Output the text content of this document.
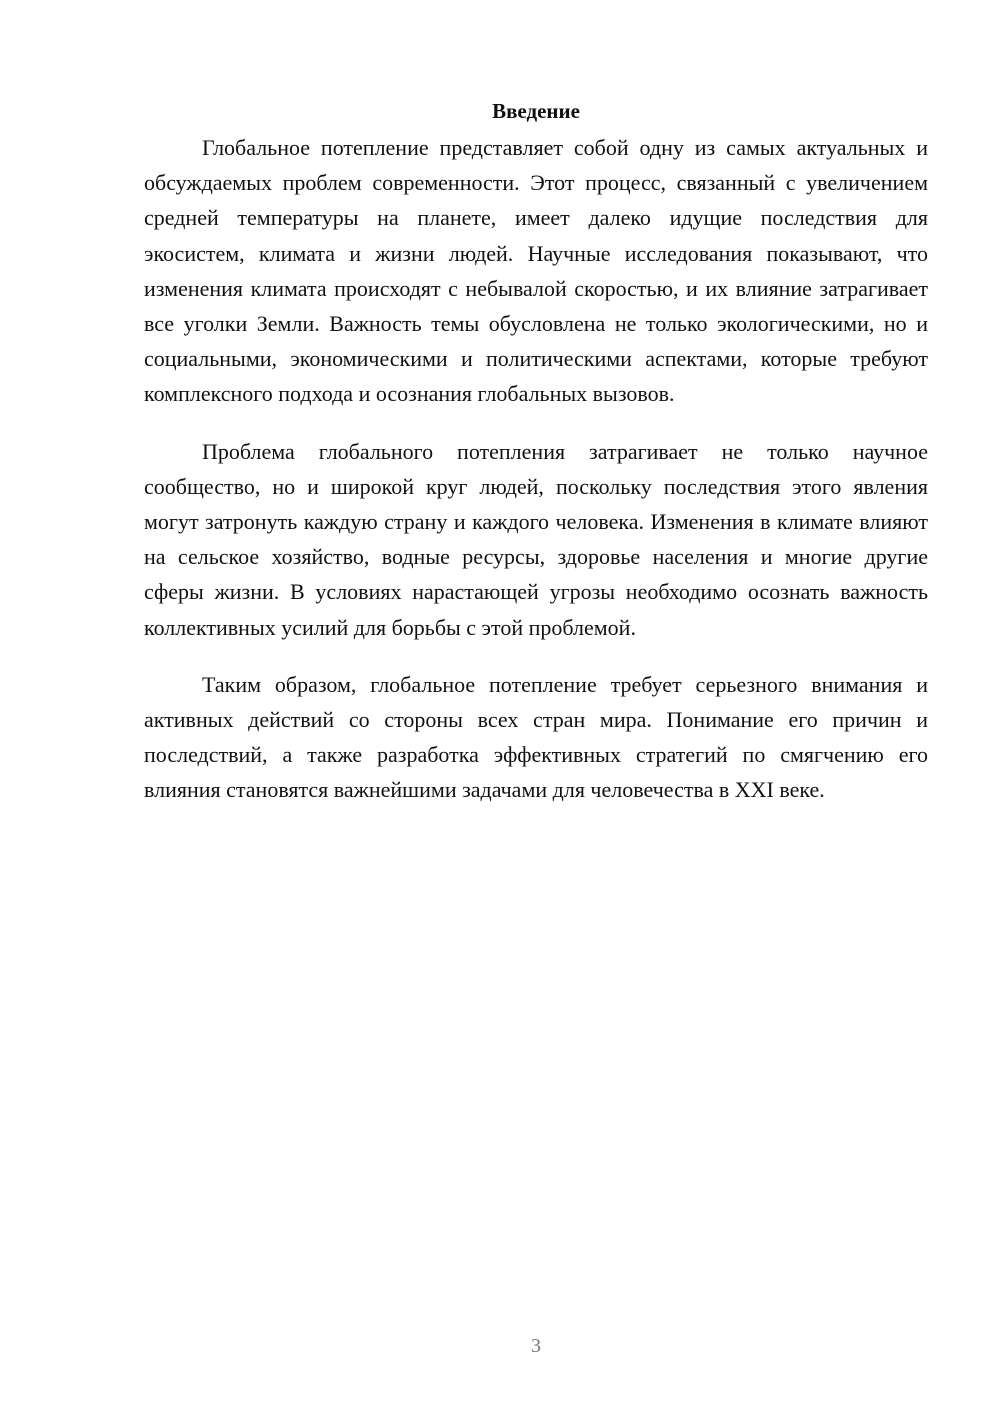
Введение

Глобальное потепление представляет собой одну из самых актуальных и обсуждаемых проблем современности. Этот процесс, связанный с увеличением средней температуры на планете, имеет далеко идущие последствия для экосистем, климата и жизни людей. Научные исследования показывают, что изменения климата происходят с небывалой скоростью, и их влияние затрагивает все уголки Земли. Важность темы обусловлена не только экологическими, но и социальными, экономическими и политическими аспектами, которые требуют комплексного подхода и осознания глобальных вызовов.

Проблема глобального потепления затрагивает не только научное сообщество, но и широкой круг людей, поскольку последствия этого явления могут затронуть каждую страну и каждого человека. Изменения в климате влияют на сельское хозяйство, водные ресурсы, здоровье населения и многие другие сферы жизни. В условиях нарастающей угрозы необходимо осознать важность коллективных усилий для борьбы с этой проблемой.

Таким образом, глобальное потепление требует серьезного внимания и активных действий со стороны всех стран мира. Понимание его причин и последствий, а также разработка эффективных стратегий по смягчению его влияния становятся важнейшими задачами для человечества в XXI веке.

3
